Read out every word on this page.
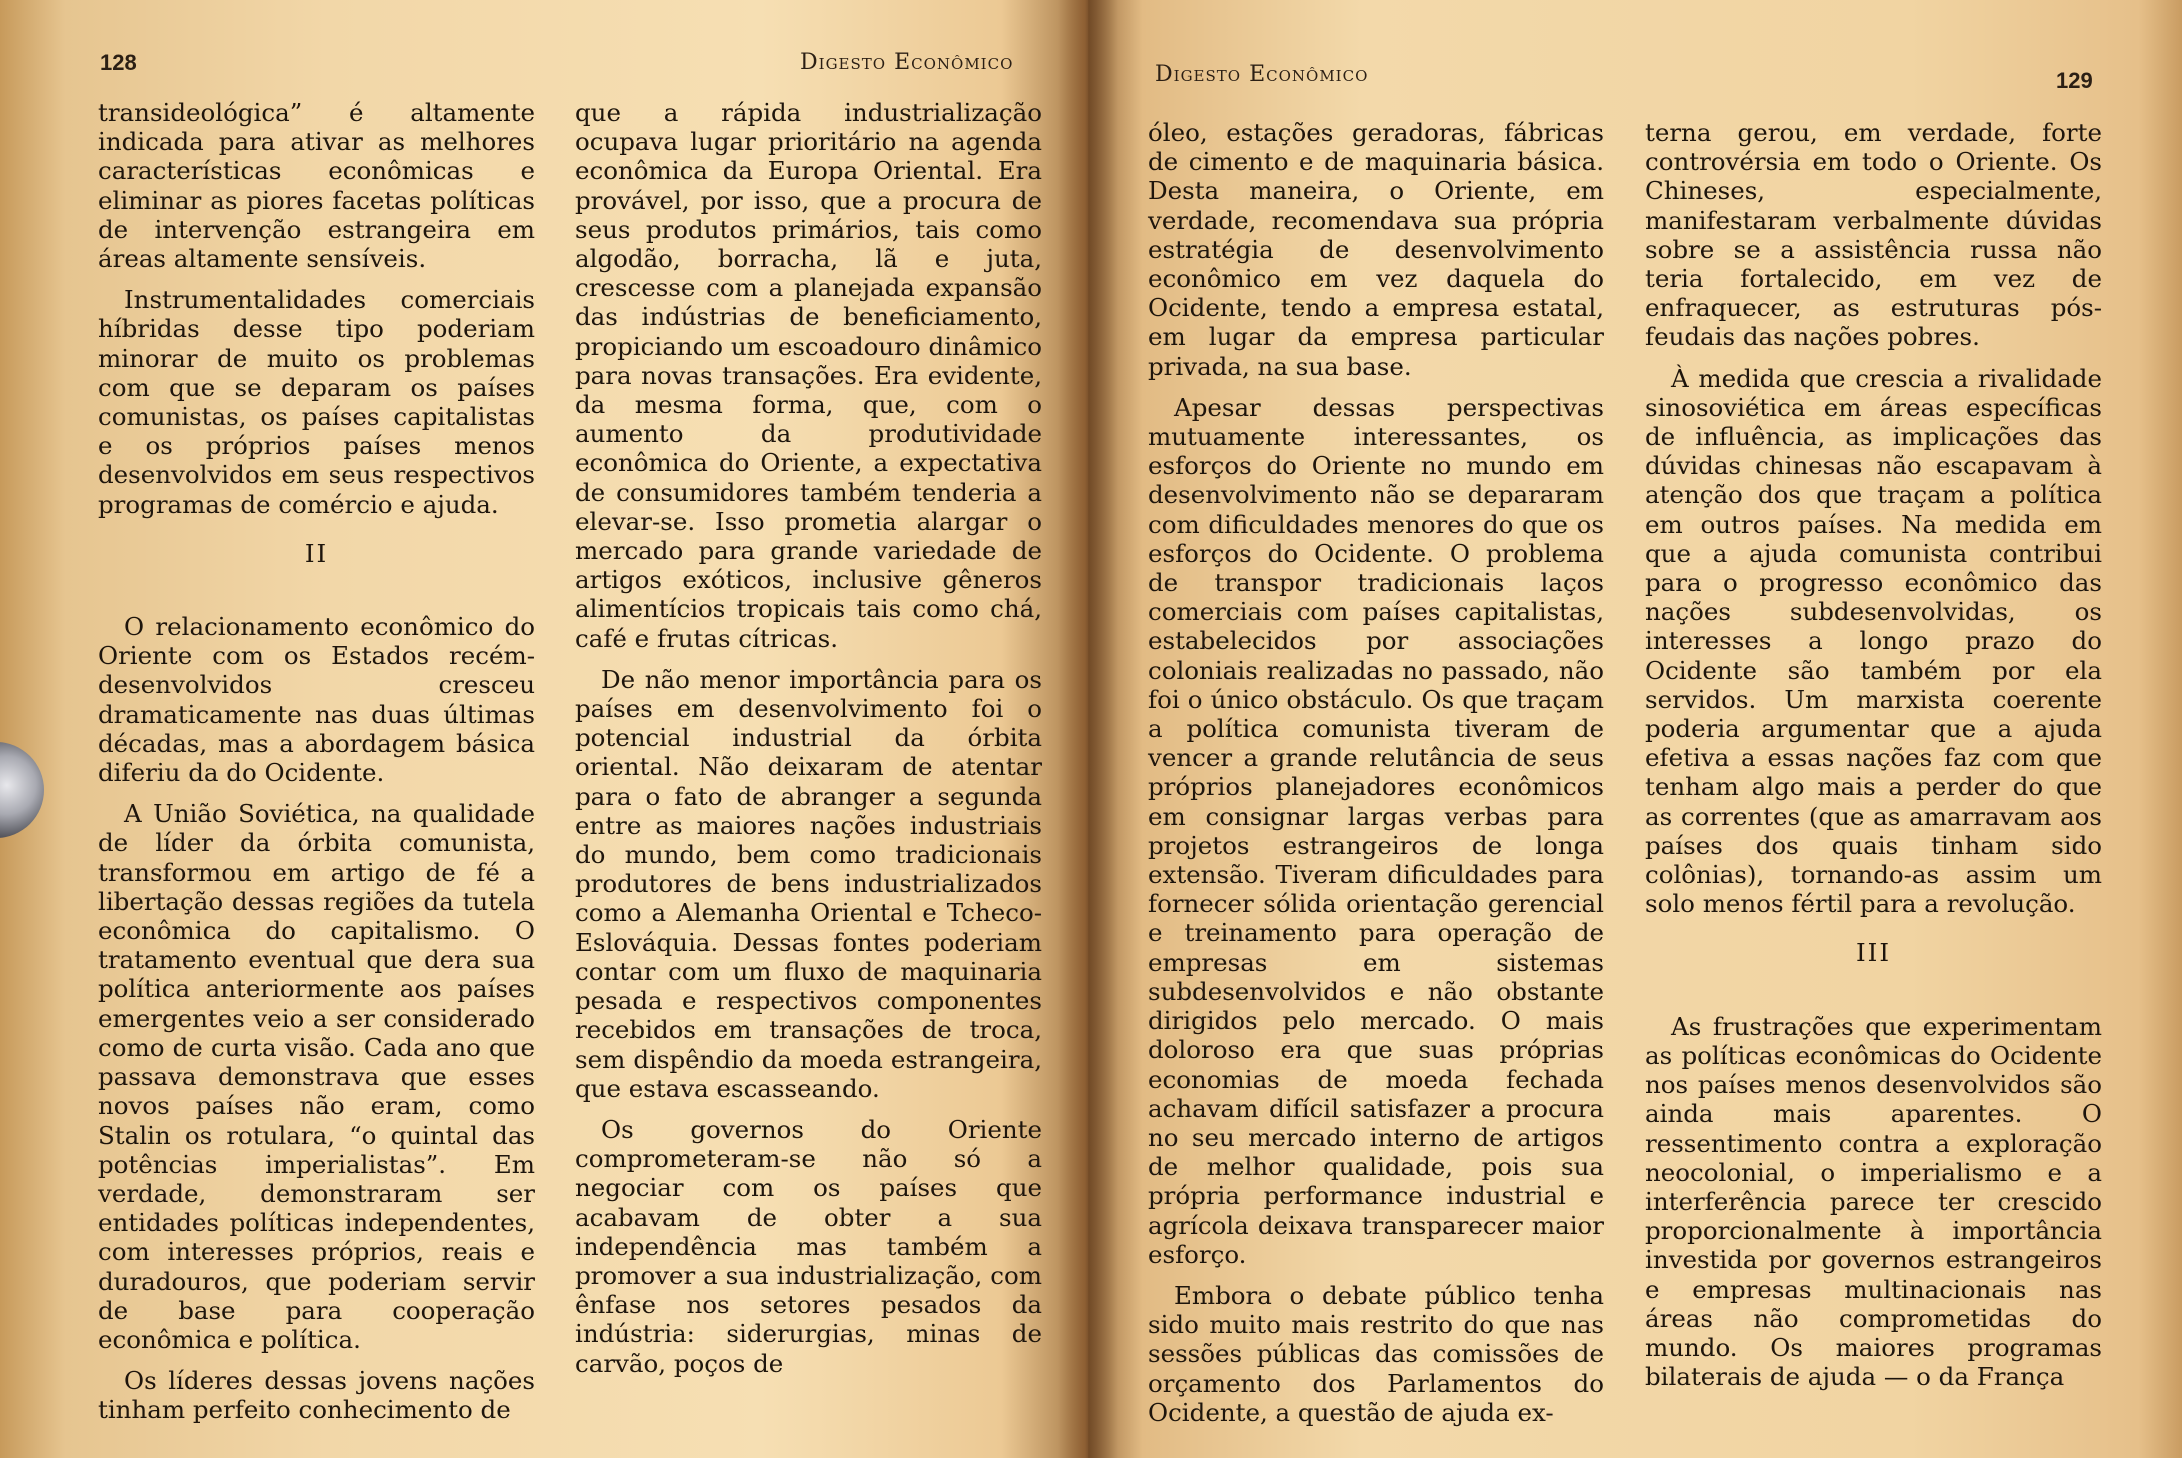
128	Digesto Econômico

transideológica” é altamente indicada para ativar as melhores características econômicas e eliminar as piores facetas políticas de intervenção estrangeira em áreas altamente sensíveis.

Instrumentalidades comerciais híbridas desse tipo poderiam minorar de muito os problemas com que se deparam os países comunistas, os países capitalistas e os próprios países menos desenvolvidos em seus respectivos programas de comércio e ajuda.

II

O relacionamento econômico do Oriente com os Estados recém-desenvolvidos cresceu dramaticamente nas duas últimas décadas, mas a abordagem básica diferiu da do Ocidente.

A União Soviética, na qualidade de líder da órbita comunista, transformou em artigo de fé a libertação dessas regiões da tutela econômica do capitalismo. O tratamento eventual que dera sua política anteriormente aos países emergentes veio a ser considerado como de curta visão. Cada ano que passava demonstrava que esses novos países não eram, como Stalin os rotulara, “o quintal das potências imperialistas”. Em verdade, demonstraram ser entidades políticas independentes, com interesses próprios, reais e duradouros, que poderiam servir de base para cooperação econômica e política.

Os líderes dessas jovens nações tinham perfeito conhecimento de

que a rápida industrialização ocupava lugar prioritário na agenda econômica da Europa Oriental. Era provável, por isso, que a procura de seus produtos primários, tais como algodão, borracha, lã e juta, crescesse com a planejada expansão das indústrias de beneficiamento, propiciando um escoadouro dinâmico para novas transações. Era evidente, da mesma forma, que, com o aumento da produtividade econômica do Oriente, a expectativa de consumidores também tenderia a elevar-se. Isso prometia alargar o mercado para grande variedade de artigos exóticos, inclusive gêneros alimentícios tropicais tais como chá, café e frutas cítricas.

De não menor importância para os países em desenvolvimento foi o potencial industrial da órbita oriental. Não deixaram de atentar para o fato de abranger a segunda entre as maiores nações industriais do mundo, bem como tradicionais produtores de bens industrializados como a Alemanha Oriental e Tcheco-Eslováquia. Dessas fontes poderiam contar com um fluxo de maquinaria pesada e respectivos componentes recebidos em transações de troca, sem dispêndio da moeda estrangeira, que estava escasseando.

Os governos do Oriente comprometeram-se não só a negociar com os países que acabavam de obter a sua independência mas também a promover a sua industrialização, com ênfase nos setores pesados da indústria: siderurgias, minas de carvão, poços de

Digesto Econômico	129

óleo, estações geradoras, fábricas de cimento e de maquinaria básica. Desta maneira, o Oriente, em verdade, recomendava sua própria estratégia de desenvolvimento econômico em vez daquela do Ocidente, tendo a empresa estatal, em lugar da empresa particular privada, na sua base.

Apesar dessas perspectivas mutuamente interessantes, os esforços do Oriente no mundo em desenvolvimento não se depararam com dificuldades menores do que os esforços do Ocidente. O problema de transpor tradicionais laços comerciais com países capitalistas, estabelecidos por associações coloniais realizadas no passado, não foi o único obstáculo. Os que traçam a política comunista tiveram de vencer a grande relutância de seus próprios planejadores econômicos em consignar largas verbas para projetos estrangeiros de longa extensão. Tiveram dificuldades para fornecer sólida orientação gerencial e treinamento para operação de empresas em sistemas subdesenvolvidos e não obstante dirigidos pelo mercado. O mais doloroso era que suas próprias economias de moeda fechada achavam difícil satisfazer a procura no seu mercado interno de artigos de melhor qualidade, pois sua própria performance industrial e agrícola deixava transparecer maior esforço.

Embora o debate público tenha sido muito mais restrito do que nas sessões públicas das comissões de orçamento dos Parlamentos do Ocidente, a questão de ajuda ex-

terna gerou, em verdade, forte controvérsia em todo o Oriente. Os Chineses, especialmente, manifestaram verbalmente dúvidas sobre se a assistência russa não teria fortalecido, em vez de enfraquecer, as estruturas pós-feudais das nações pobres.

À medida que crescia a rivalidade sinosoviética em áreas específicas de influência, as implicações das dúvidas chinesas não escapavam à atenção dos que traçam a política em outros países. Na medida em que a ajuda comunista contribui para o progresso econômico das nações subdesenvolvidas, os interesses a longo prazo do Ocidente são também por ela servidos. Um marxista coerente poderia argumentar que a ajuda efetiva a essas nações faz com que tenham algo mais a perder do que as correntes (que as amarravam aos países dos quais tinham sido colônias), tornando-as assim um solo menos fértil para a revolução.

III

As frustrações que experimentam as políticas econômicas do Ocidente nos países menos desenvolvidos são ainda mais aparentes. O ressentimento contra a exploração neocolonial, o imperialismo e a interferência parece ter crescido proporcionalmente à importância investida por governos estrangeiros e empresas multinacionais nas áreas não comprometidas do mundo. Os maiores programas bilaterais de ajuda — o da França
